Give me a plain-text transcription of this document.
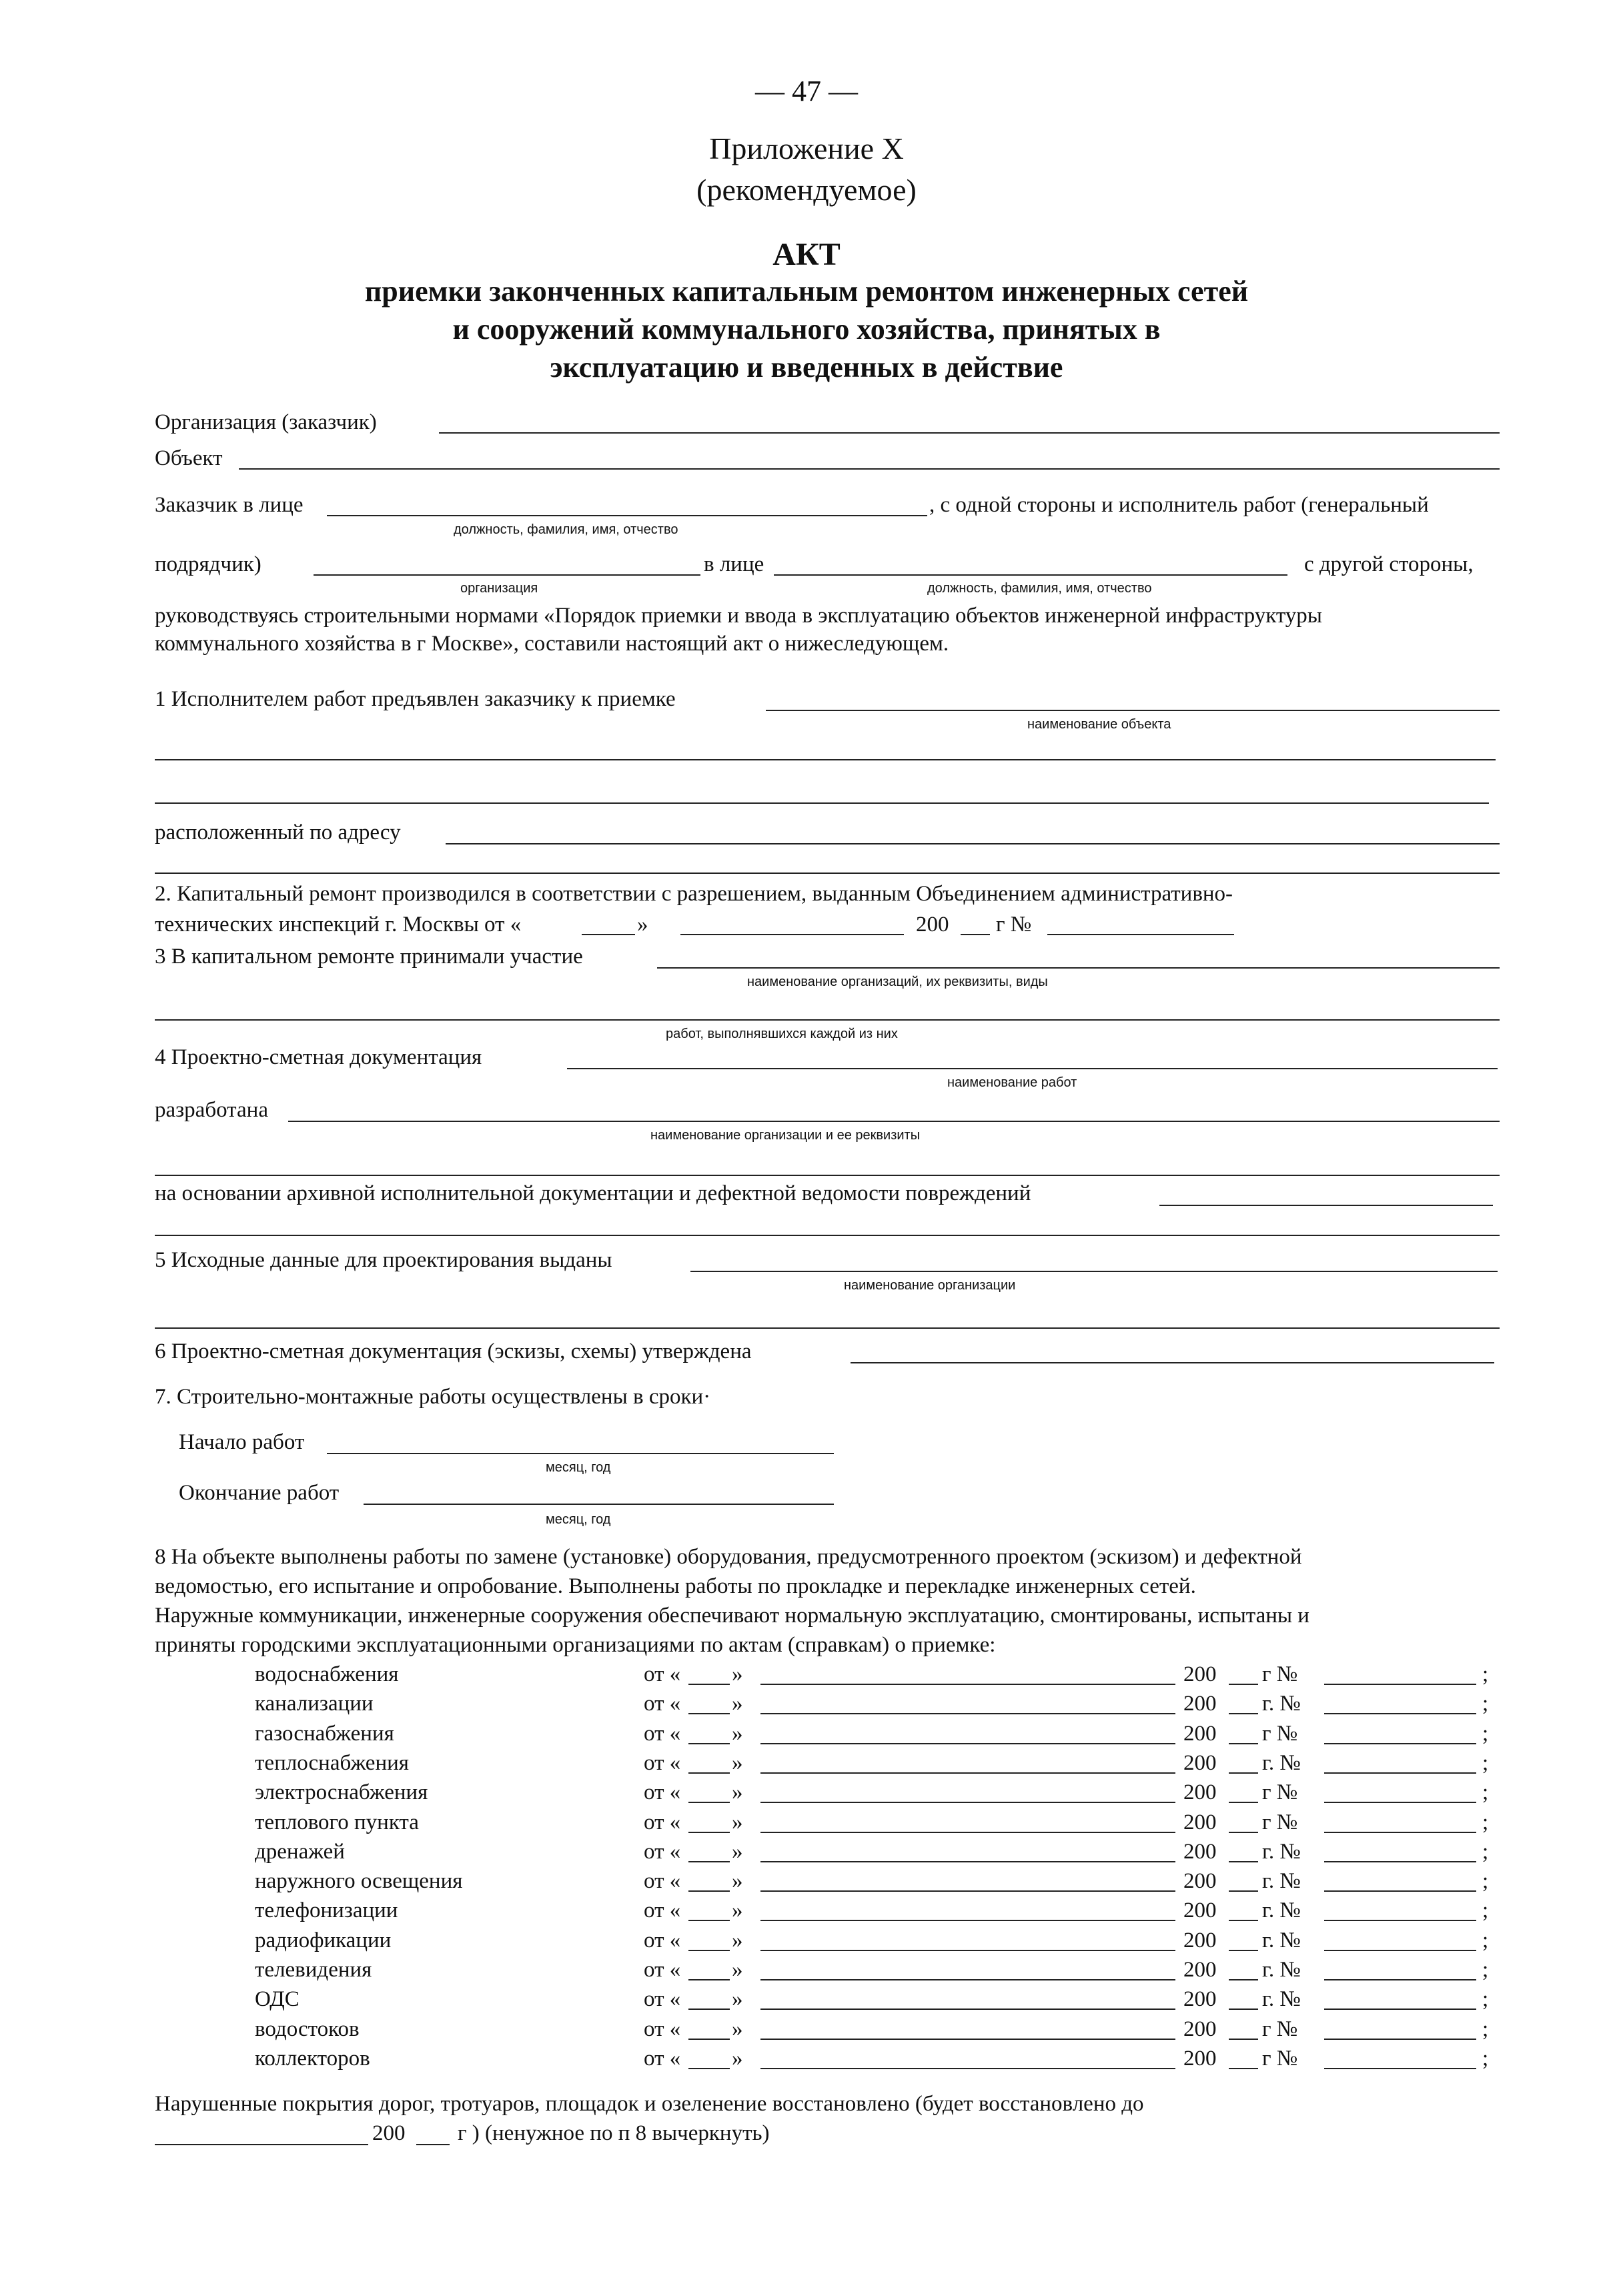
— 47 —
Приложение Х
(рекомендуемое)
АКТ
приемки законченных капитальным ремонтом инженерных сетей
и сооружений коммунального хозяйства, принятых в
эксплуатацию и введенных в действие
Организация (заказчик)
Объект
Заказчик в лице	, с одной стороны и исполнитель работ (генеральный
должность, фамилия, имя, отчество
подрядчик)	в лице	с другой стороны,
организация	должность, фамилия, имя, отчество
руководствуясь строительными нормами «Порядок приемки и ввода в эксплуатацию объектов инженерной инфраструктуры
коммунального хозяйства в г Москве», составили настоящий акт о нижеследующем.
1 Исполнителем работ предъявлен заказчику к приемке
наименование объекта
расположенный по адресу
2. Капитальный ремонт производился в соответствии с разрешением, выданным Объединением административно-
технических инспекций г. Москвы от «	»	200 г №
3 В капитальном ремонте принимали участие
наименование организаций, их реквизиты, виды
работ, выполнявшихся каждой из них
4 Проектно-сметная документация
наименование работ
разработана
наименование организации и ее реквизиты
на основании архивной исполнительной документации и дефектной ведомости повреждений
5 Исходные данные для проектирования выданы
наименование организации
6 Проектно-сметная документация (эскизы, схемы) утверждена
7. Строительно-монтажные работы осуществлены в сроки·
Начало работ
месяц, год
Окончание работ
месяц, год
8 На объекте выполнены работы по замене (установке) оборудования, предусмотренного проектом (эскизом) и дефектной
ведомостью, его испытание и опробование. Выполнены работы по прокладке и перекладке инженерных сетей.
Наружные коммуникации, инженерные сооружения обеспечивают нормальную эксплуатацию, смонтированы, испытаны и
приняты городскими эксплуатационными организациями по актам (справкам) о приемке:
водоснабжения	от « »	200 г №	;
канализации	от « »	200 г. №	;
газоснабжения	от « »	200 г №	;
теплоснабжения	от « »	200 г. №	;
электроснабжения	от « »	200 г №	;
теплового пункта	от « »	200 г №	;
дренажей	от « »	200 г. №	;
наружного освещения	от « »	200 г. №	;
телефонизации	от « »	200 г. №	;
радиофикации	от « »	200 г. №	;
телевидения	от « »	200 г. №	;
ОДС	от « »	200 г. №	;
водостоков	от « »	200 г №	;
коллекторов	от « »	200 г №	;
Нарушенные покрытия дорог, тротуаров, площадок и озеленение восстановлено (будет восстановлено до
200 г ) (ненужное по п 8 вычеркнуть)
